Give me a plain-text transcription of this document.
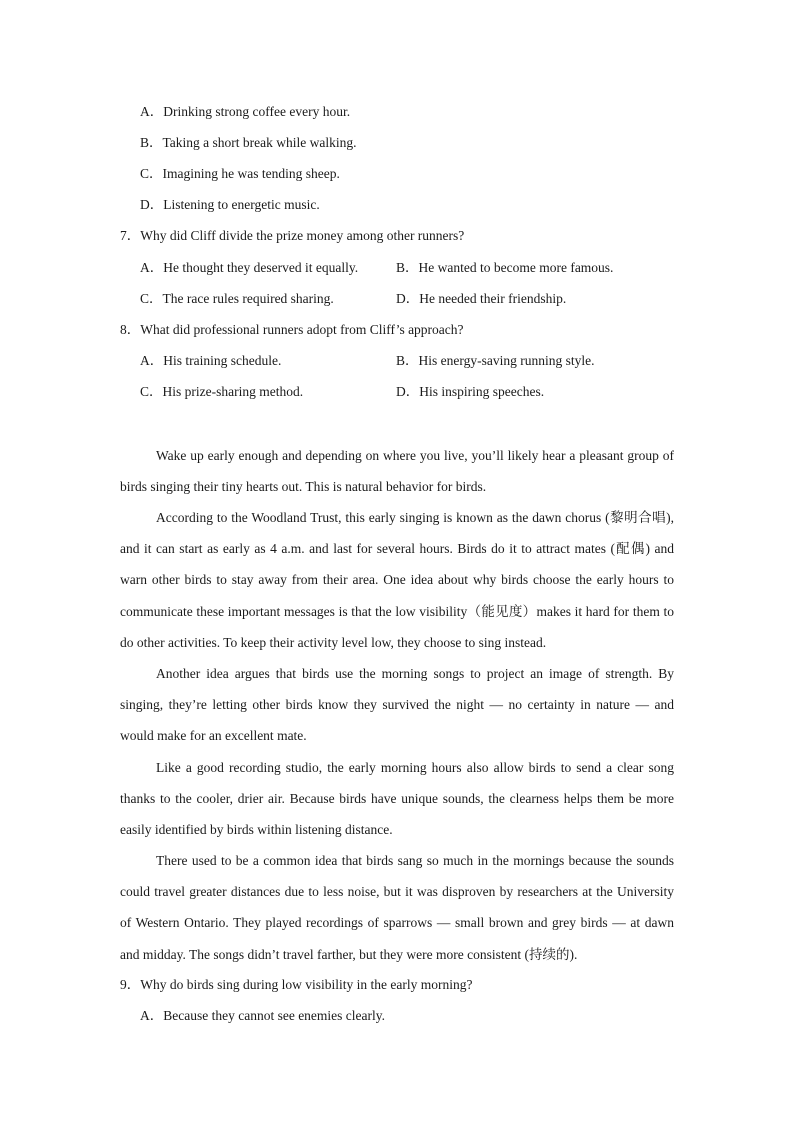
A．Drinking strong coffee every hour.
B．Taking a short break while walking.
C．Imagining he was tending sheep.
D．Listening to energetic music.
7．Why did Cliff divide the prize money among other runners?
A．He thought they deserved it equally.	B．He wanted to become more famous.
C．The race rules required sharing.	D．He needed their friendship.
8．What did professional runners adopt from Cliff’s approach?
A．His training schedule.	B．His energy-saving running style.
C．His prize-sharing method.	D．His inspiring speeches.
Wake up early enough and depending on where you live, you’ll likely hear a pleasant group of birds singing their tiny hearts out. This is natural behavior for birds.
According to the Woodland Trust, this early singing is known as the dawn chorus (黎明合唱), and it can start as early as 4 a.m. and last for several hours. Birds do it to attract mates (配偶) and warn other birds to stay away from their area. One idea about why birds choose the early hours to communicate these important messages is that the low visibility（能见度）makes it hard for them to do other activities. To keep their activity level low, they choose to sing instead.
Another idea argues that birds use the morning songs to project an image of strength. By singing, they’re letting other birds know they survived the night — no certainty in nature — and would make for an excellent mate.
Like a good recording studio, the early morning hours also allow birds to send a clear song thanks to the cooler, drier air. Because birds have unique sounds, the clearness helps them be more easily identified by birds within listening distance.
There used to be a common idea that birds sang so much in the mornings because the sounds could travel greater distances due to less noise, but it was disproven by researchers at the University of Western Ontario. They played recordings of sparrows — small brown and grey birds — at dawn and midday. The songs didn’t travel farther, but they were more consistent (持续的).
9．Why do birds sing during low visibility in the early morning?
A．Because they cannot see enemies clearly.
